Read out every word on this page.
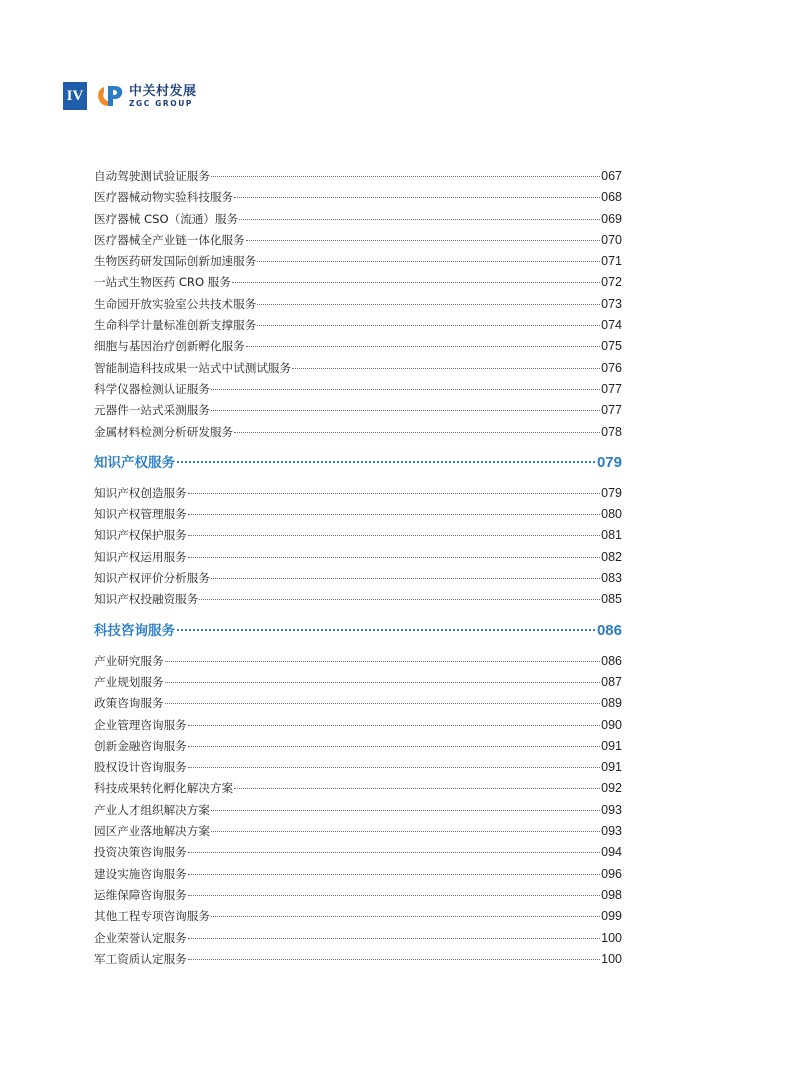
IV	中关村发展
ZGC GROUP
自动驾驶测试验证服务	067
医疗器械动物实验科技服务	068
医疗器械 CSO（流通）服务	069
医疗器械全产业链一体化服务	070
生物医药研发国际创新加速服务	071
一站式生物医药 CRO 服务	072
生命园开放实验室公共技术服务	073
生命科学计量标准创新支撑服务	074
细胞与基因治疗创新孵化服务	075
智能制造科技成果一站式中试测试服务	076
科学仪器检测认证服务	077
元器件一站式采测服务	077
金属材料检测分析研发服务	078
知识产权服务	079
知识产权创造服务	079
知识产权管理服务	080
知识产权保护服务	081
知识产权运用服务	082
知识产权评价分析服务	083
知识产权投融资服务	085
科技咨询服务	086
产业研究服务	086
产业规划服务	087
政策咨询服务	089
企业管理咨询服务	090
创新金融咨询服务	091
股权设计咨询服务	091
科技成果转化孵化解决方案	092
产业人才组织解决方案	093
园区产业落地解决方案	093
投资决策咨询服务	094
建设实施咨询服务	096
运维保障咨询服务	098
其他工程专项咨询服务	099
企业荣誉认定服务	100
军工资质认定服务	100
